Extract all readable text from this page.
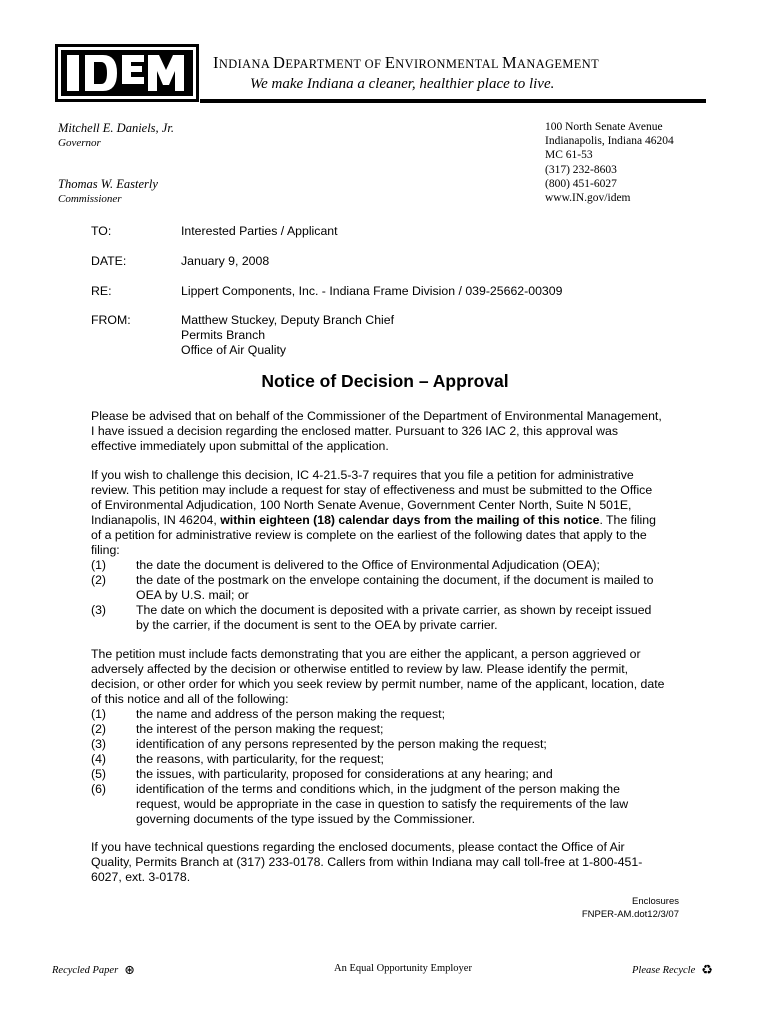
INDIANA DEPARTMENT OF ENVIRONMENTAL MANAGEMENT
We make Indiana a cleaner, healthier place to live.
Mitchell E. Daniels, Jr.
Governor
Thomas W. Easterly
Commissioner
100 North Senate Avenue
Indianapolis, Indiana 46204
MC 61-53
(317) 232-8603
(800) 451-6027
www.IN.gov/idem
TO:	Interested Parties / Applicant
DATE:	January 9, 2008
RE:	Lippert Components, Inc. - Indiana Frame Division / 039-25662-00309
FROM:	Matthew Stuckey, Deputy Branch Chief
Permits Branch
Office of Air Quality
Notice of Decision – Approval
Please be advised that on behalf of the Commissioner of the Department of Environmental Management,
I have issued a decision regarding the enclosed matter. Pursuant to 326 IAC 2, this approval was
effective immediately upon submittal of the application.
If you wish to challenge this decision, IC 4-21.5-3-7 requires that you file a petition for administrative
review. This petition may include a request for stay of effectiveness and must be submitted to the Office
of Environmental Adjudication, 100 North Senate Avenue, Government Center North, Suite N 501E,
Indianapolis, IN 46204, within eighteen (18) calendar days from the mailing of this notice. The filing
of a petition for administrative review is complete on the earliest of the following dates that apply to the
filing:
(1) the date the document is delivered to the Office of Environmental Adjudication (OEA);
(2) the date of the postmark on the envelope containing the document, if the document is mailed to
OEA by U.S. mail; or
(3) The date on which the document is deposited with a private carrier, as shown by receipt issued
by the carrier, if the document is sent to the OEA by private carrier.
The petition must include facts demonstrating that you are either the applicant, a person aggrieved or
adversely affected by the decision or otherwise entitled to review by law. Please identify the permit,
decision, or other order for which you seek review by permit number, name of the applicant, location, date
of this notice and all of the following:
(1) the name and address of the person making the request;
(2) the interest of the person making the request;
(3) identification of any persons represented by the person making the request;
(4) the reasons, with particularity, for the request;
(5) the issues, with particularity, proposed for considerations at any hearing; and
(6) identification of the terms and conditions which, in the judgment of the person making the
request, would be appropriate in the case in question to satisfy the requirements of the law
governing documents of the type issued by the Commissioner.
If you have technical questions regarding the enclosed documents, please contact the Office of Air
Quality, Permits Branch at (317) 233-0178. Callers from within Indiana may call toll-free at 1-800-451-
6027, ext. 3-0178.
Enclosures
FNPER-AM.dot12/3/07
Recycled Paper ⊛	An Equal Opportunity Employer	Please Recycle ♻
